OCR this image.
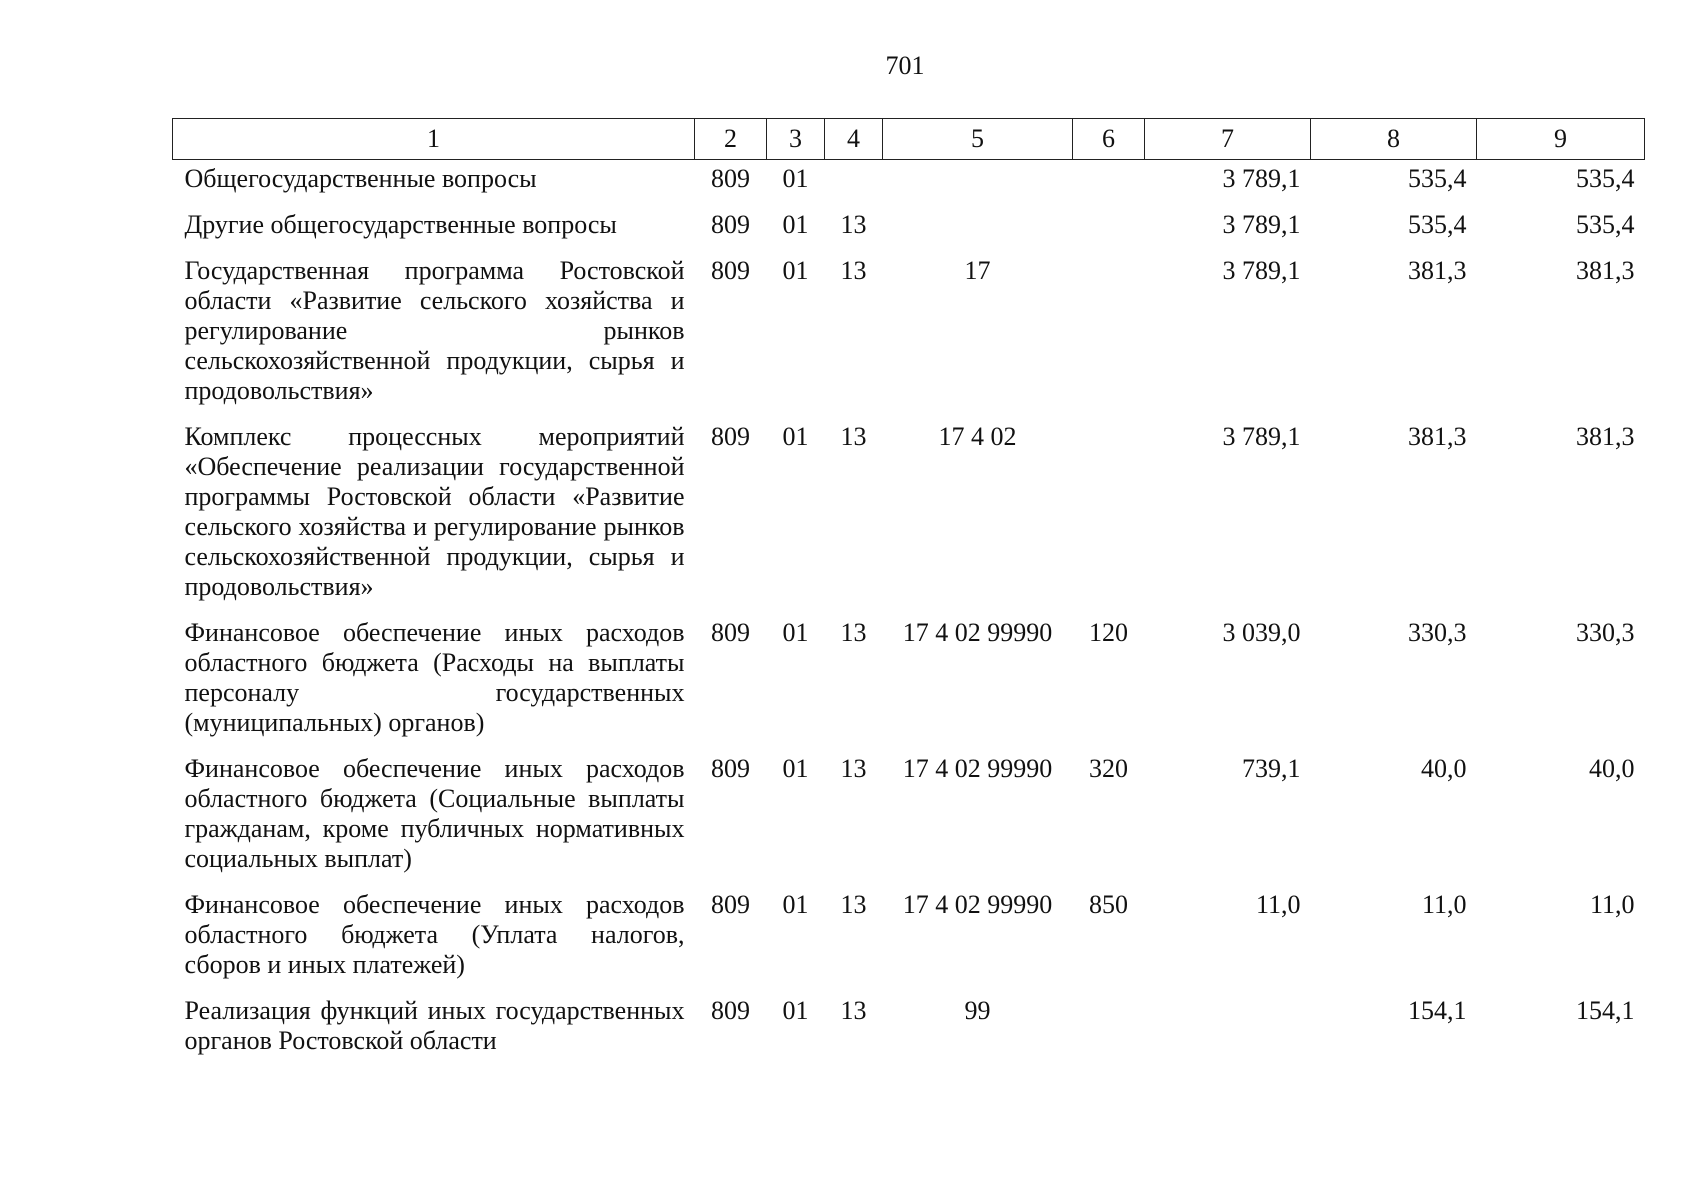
701
1	2	3	4	5	6	7	8	9
Общегосударственные вопросы	809	01				3 789,1	535,4	535,4
Другие общегосударственные вопросы	809	01	13			3 789,1	535,4	535,4
Государственная программа Ростовской области «Развитие сельского хозяйства и регулирование рынков сельскохозяйственной продукции, сырья и продовольствия»	809	01	13	17		3 789,1	381,3	381,3
Комплекс процессных мероприятий «Обеспечение реализации государственной программы Ростовской области «Развитие сельского хозяйства и регулирование рынков сельскохозяйственной продукции, сырья и продовольствия»	809	01	13	17 4 02		3 789,1	381,3	381,3
Финансовое обеспечение иных расходов областного бюджета (Расходы на выплаты персоналу государственных (муниципальных) органов)	809	01	13	17 4 02 99990	120	3 039,0	330,3	330,3
Финансовое обеспечение иных расходов областного бюджета (Социальные выплаты гражданам, кроме публичных нормативных социальных выплат)	809	01	13	17 4 02 99990	320	739,1	40,0	40,0
Финансовое обеспечение иных расходов областного бюджета (Уплата налогов, сборов и иных платежей)	809	01	13	17 4 02 99990	850	11,0	11,0	11,0
Реализация функций иных государственных органов Ростовской области	809	01	13	99			154,1	154,1
